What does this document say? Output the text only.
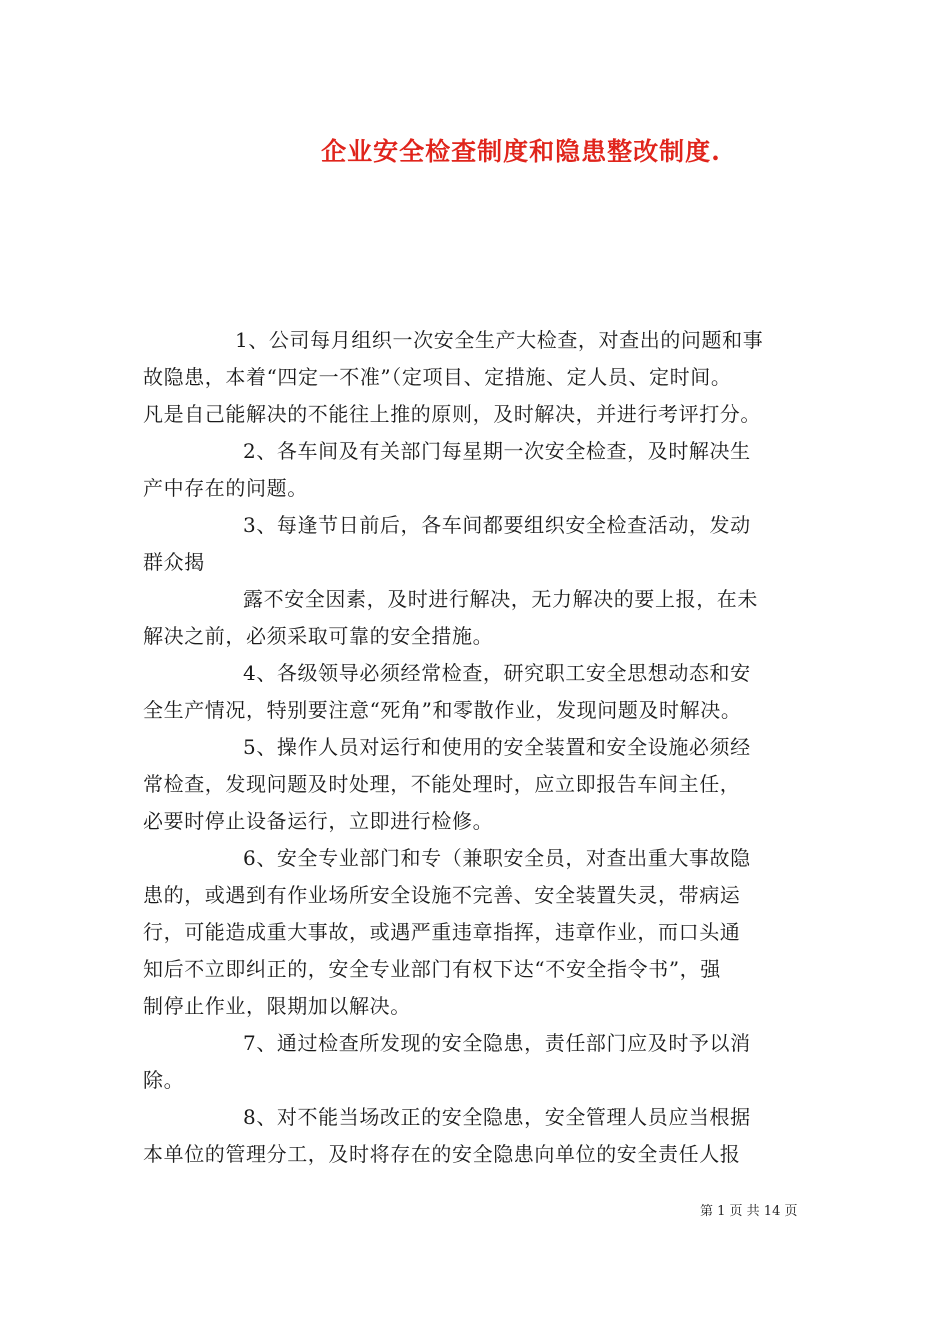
企业安全检查制度和隐患整改制度.
1、公司每月组织一次安全生产大检查，对查出的问题和事
故隐患，本着“四定一不准”（定项目、定措施、定人员、定时间。
凡是自己能解决的不能往上推的原则，及时解决，并进行考评打分。
2、各车间及有关部门每星期一次安全检查，及时解决生
产中存在的问题。
3、每逢节日前后，各车间都要组织安全检查活动，发动
群众揭
露不安全因素，及时进行解决，无力解决的要上报，在未
解决之前，必须采取可靠的安全措施。
4、各级领导必须经常检查，研究职工安全思想动态和安
全生产情况，特别要注意“死角”和零散作业，发现问题及时解决。
5、操作人员对运行和使用的安全装置和安全设施必须经
常检查，发现问题及时处理，不能处理时，应立即报告车间主任，
必要时停止设备运行，立即进行检修。
6、安全专业部门和专（兼职安全员，对查出重大事故隐
患的，或遇到有作业场所安全设施不完善、安全装置失灵，带病运
行，可能造成重大事故，或遇严重违章指挥，违章作业，而口头通
知后不立即纠正的，安全专业部门有权下达“不安全指令书”，强
制停止作业，限期加以解决。
7、通过检查所发现的安全隐患，责任部门应及时予以消
除。
8、对不能当场改正的安全隐患，安全管理人员应当根据
本单位的管理分工，及时将存在的安全隐患向单位的安全责任人报
第 1 页 共 14 页
